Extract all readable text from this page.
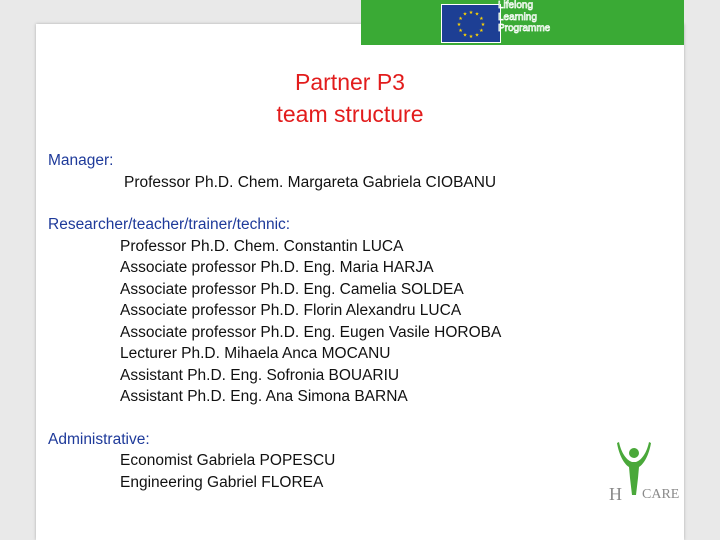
★ ★
★
★
★
★
★
★
★
★
★
★
Lifelong
Learning
Programme
Partner P3
team structure
Manager:
Professor Ph.D. Chem. Margareta Gabriela CIOBANU
Researcher/teacher/trainer/technic:
Professor Ph.D. Chem. Constantin LUCA
Associate professor Ph.D. Eng. Maria HARJA
Associate professor Ph.D. Eng. Camelia SOLDEA
Associate professor Ph.D. Florin Alexandru LUCA
Associate professor Ph.D. Eng. Eugen Vasile HOROBA
Lecturer Ph.D. Mihaela Anca MOCANU
Assistant Ph.D. Eng. Sofronia BOUARIU
Assistant Ph.D. Eng. Ana Simona BARNA
Administrative:
Economist Gabriela POPESCU
Engineering Gabriel FLOREA
H CARE
